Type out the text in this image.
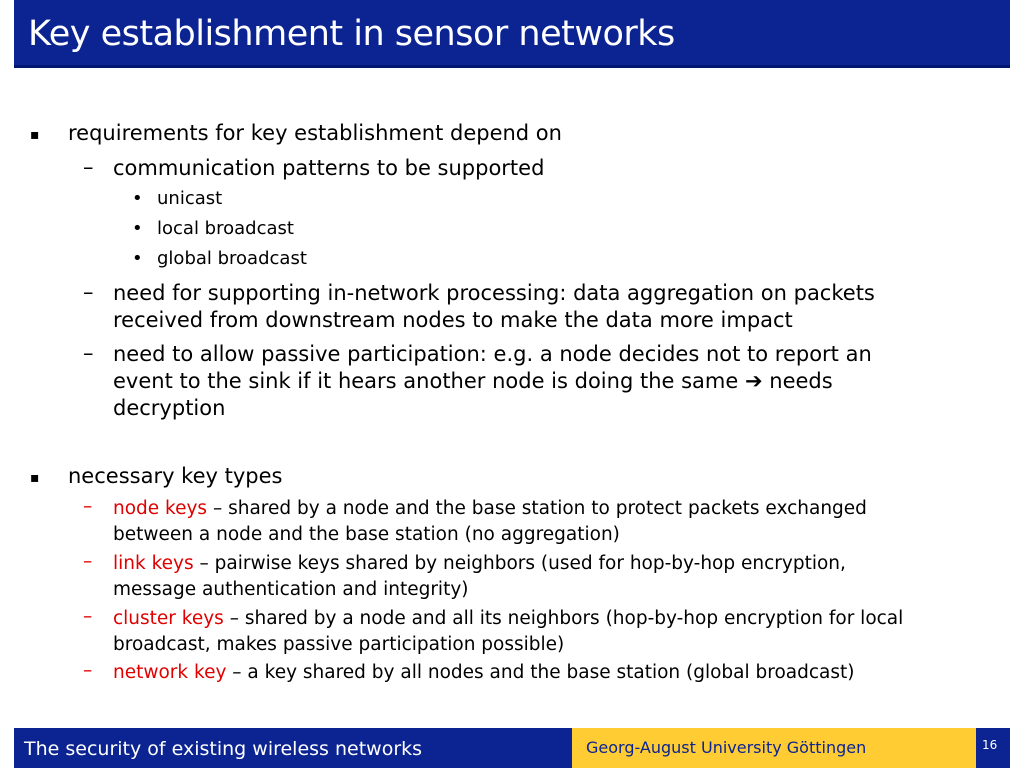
Key establishment in sensor networks
▪ requirements for key establishment depend on
– communication patterns to be supported
• unicast
• local broadcast
• global broadcast
– need for supporting in-network processing: data aggregation on packets
received from downstream nodes to make the data more impact
– need to allow passive participation: e.g. a node decides not to report an
event to the sink if it hears another node is doing the same ➔ needs
decryption
▪ necessary key types
– node keys – shared by a node and the base station to protect packets exchanged
between a node and the base station (no aggregation)
– link keys – pairwise keys shared by neighbors (used for hop-by-hop encryption,
message authentication and integrity)
– cluster keys – shared by a node and all its neighbors (hop-by-hop encryption for local
broadcast, makes passive participation possible)
– network key – a key shared by all nodes and the base station (global broadcast)
The security of existing wireless networks	Georg-August University Göttingen	16
